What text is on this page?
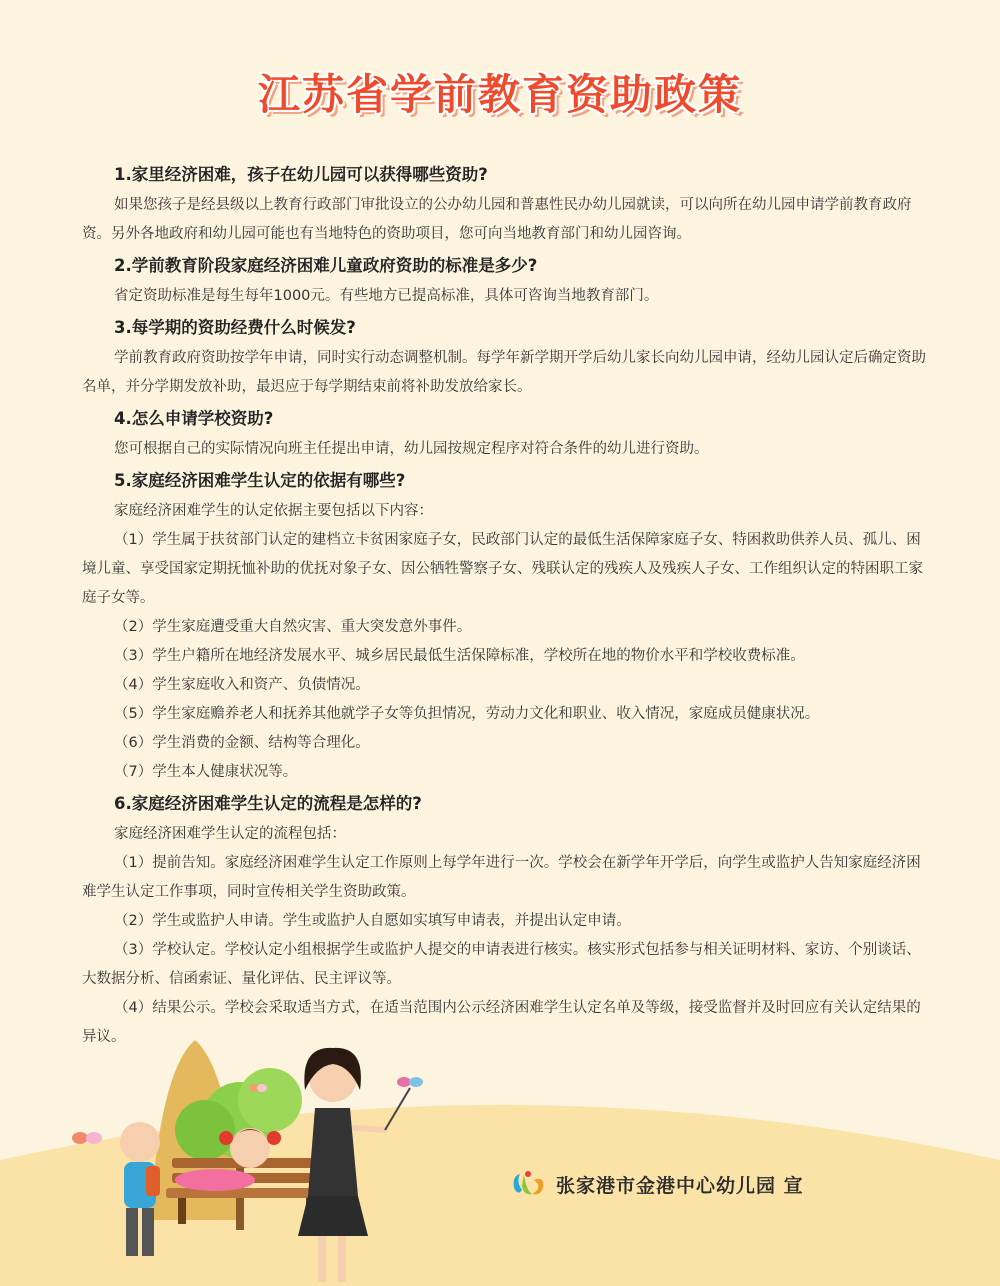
江苏省学前教育资助政策
1.家里经济困难，孩子在幼儿园可以获得哪些资助?

如果您孩子是经县级以上教育行政部门审批设立的公办幼儿园和普惠性民办幼儿园就读，可以向所在幼儿园申请学前教育政府资。另外各地政府和幼儿园可能也有当地特色的资助项目，您可向当地教育部门和幼儿园咨询。

2.学前教育阶段家庭经济困难儿童政府资助的标准是多少?

省定资助标准是每生每年1000元。有些地方已提高标准，具体可咨询当地教育部门。

3.每学期的资助经费什么时候发?

学前教育政府资助按学年申请，同时实行动态调整机制。每学年新学期开学后幼儿家长向幼儿园申请，经幼儿园认定后确定资助名单，并分学期发放补助，最迟应于每学期结束前将补助发放给家长。

4.怎么申请学校资助?

您可根据自己的实际情况向班主任提出申请，幼儿园按规定程序对符合条件的幼儿进行资助。

5.家庭经济困难学生认定的依据有哪些?

家庭经济困难学生的认定依据主要包括以下内容：

（1）学生属于扶贫部门认定的建档立卡贫困家庭子女，民政部门认定的最低生活保障家庭子女、特困救助供养人员、孤儿、困境儿童、享受国家定期抚恤补助的优抚对象子女、因公牺牲警察子女、残联认定的残疾人及残疾人子女、工作组织认定的特困职工家庭子女等。

（2）学生家庭遭受重大自然灾害、重大突发意外事件。

（3）学生户籍所在地经济发展水平、城乡居民最低生活保障标准，学校所在地的物价水平和学校收费标准。

（4）学生家庭收入和资产、负债情况。

（5）学生家庭赡养老人和抚养其他就学子女等负担情况，劳动力文化和职业、收入情况，家庭成员健康状况。

（6）学生消费的金额、结构等合理化。

（7）学生本人健康状况等。

6.家庭经济困难学生认定的流程是怎样的?

家庭经济困难学生认定的流程包括：

（1）提前告知。家庭经济困难学生认定工作原则上每学年进行一次。学校会在新学年开学后，向学生或监护人告知家庭经济困难学生认定工作事项，同时宣传相关学生资助政策。

（2）学生或监护人申请。学生或监护人自愿如实填写申请表，并提出认定申请。

（3）学校认定。学校认定小组根据学生或监护人提交的申请表进行核实。核实形式包括参与相关证明材料、家访、个别谈话、大数据分析、信函索证、量化评估、民主评议等。

（4）结果公示。学校会采取适当方式，在适当范围内公示经济困难学生认定名单及等级，接受监督并及时回应有关认定结果的异议。

张家港市金港中心幼儿园 宣
